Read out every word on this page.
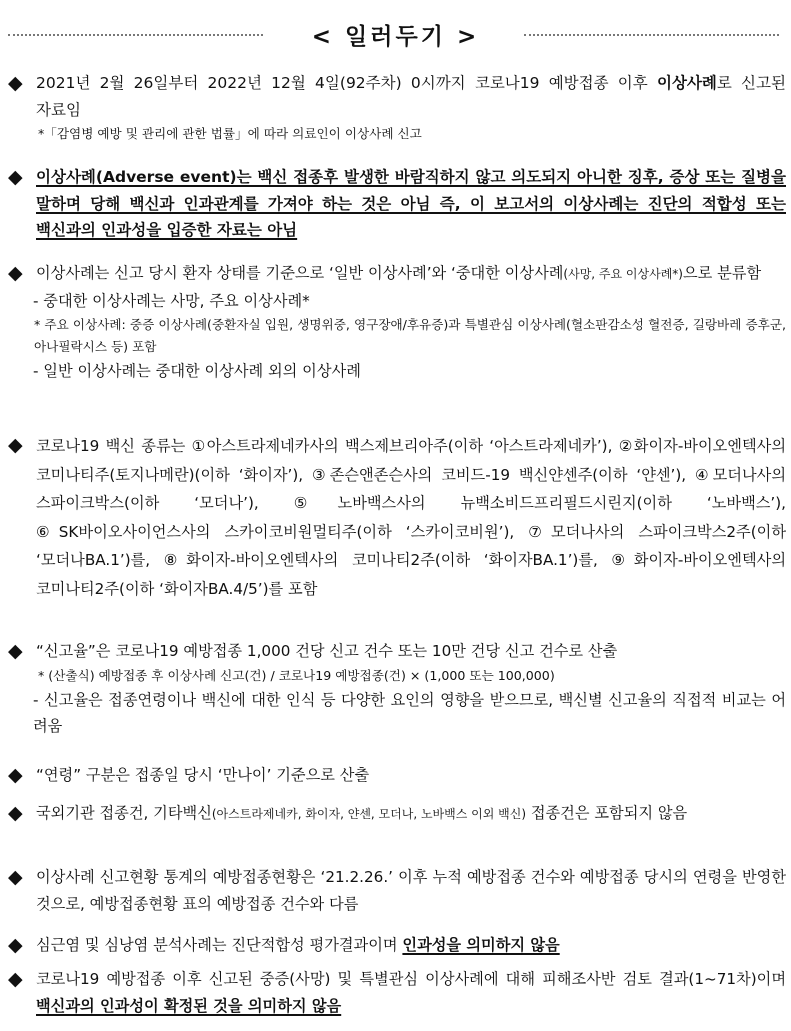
< 일러두기 >
◆ 2021년 2월 26일부터 2022년 12월 4일(92주차) 0시까지 코로나19 예방접종 이후 이상사례로 신고된 자료임

*「감염병 예방 및 관리에 관한 법률」에 따라 의료인이 이상사례 신고

◆ 이상사례(Adverse event)는 백신 접종후 발생한 바람직하지 않고 의도되지 아니한 징후, 증상 또는 질병을 말하며 당해 백신과 인과관계를 가져야 하는 것은 아님 즉, 이 보고서의 이상사례는 진단의 적합성 또는 백신과의 인과성을 입증한 자료는 아님

◆ 이상사례는 신고 당시 환자 상태를 기준으로 ‘일반 이상사례’와 ‘중대한 이상사례(사망, 주요 이상사례*)으로 분류함

- 중대한 이상사례는 사망, 주요 이상사례*

* 주요 이상사례: 중증 이상사례(중환자실 입원, 생명위중, 영구장애/후유증)과 특별관심 이상사례(혈소판감소성 혈전증, 길랑바레 증후군, 아나필락시스 등) 포함

- 일반 이상사례는 중대한 이상사례 외의 이상사례

◆ 코로나19 백신 종류는 ①아스트라제네카사의 백스제브리아주(이하 ‘아스트라제네카’), ②화이자-바이오엔텍사의 코미나티주(토지나메란)(이하 ‘화이자’), ③존슨앤존슨사의 코비드-19 백신얀센주(이하 ‘얀센’), ④모더나사의 스파이크박스(이하 ‘모더나’), ⑤노바백스사의 뉴백소비드프리필드시린지(이하 ‘노바백스’), ⑥SK바이오사이언스사의 스카이코비원멀티주(이하 ‘스카이코비원’), ⑦모더나사의 스파이크박스2주(이하 ‘모더나BA.1’)를, ⑧화이자-바이오엔텍사의 코미나티2주(이하 ‘화이자BA.1’)를, ⑨화이자-바이오엔텍사의 코미나티2주(이하 ‘화이자BA.4/5’)를 포함

◆ “신고율”은 코로나19 예방접종 1,000 건당 신고 건수 또는 10만 건당 신고 건수로 산출

* (산출식) 예방접종 후 이상사례 신고(건) / 코로나19 예방접종(건) × (1,000 또는 100,000)

- 신고율은 접종연령이나 백신에 대한 인식 등 다양한 요인의 영향을 받으므로, 백신별 신고율의 직접적 비교는 어려움

◆ “연령” 구분은 접종일 당시 ‘만나이’ 기준으로 산출

◆ 국외기관 접종건, 기타백신(아스트라제네카, 화이자, 얀센, 모더나, 노바백스 이외 백신) 접종건은 포함되지 않음

◆ 이상사례 신고현황 통계의 예방접종현황은 ‘21.2.26.’ 이후 누적 예방접종 건수와 예방접종 당시의 연령을 반영한 것으로, 예방접종현황 표의 예방접종 건수와 다름

◆ 심근염 및 심낭염 분석사례는 진단적합성 평가결과이며 인과성을 의미하지 않음

◆ 코로나19 예방접종 이후 신고된 중증(사망) 및 특별관심 이상사례에 대해 피해조사반 검토 결과(1~71차)이며 백신과의 인과성이 확정된 것을 의미하지 않음
